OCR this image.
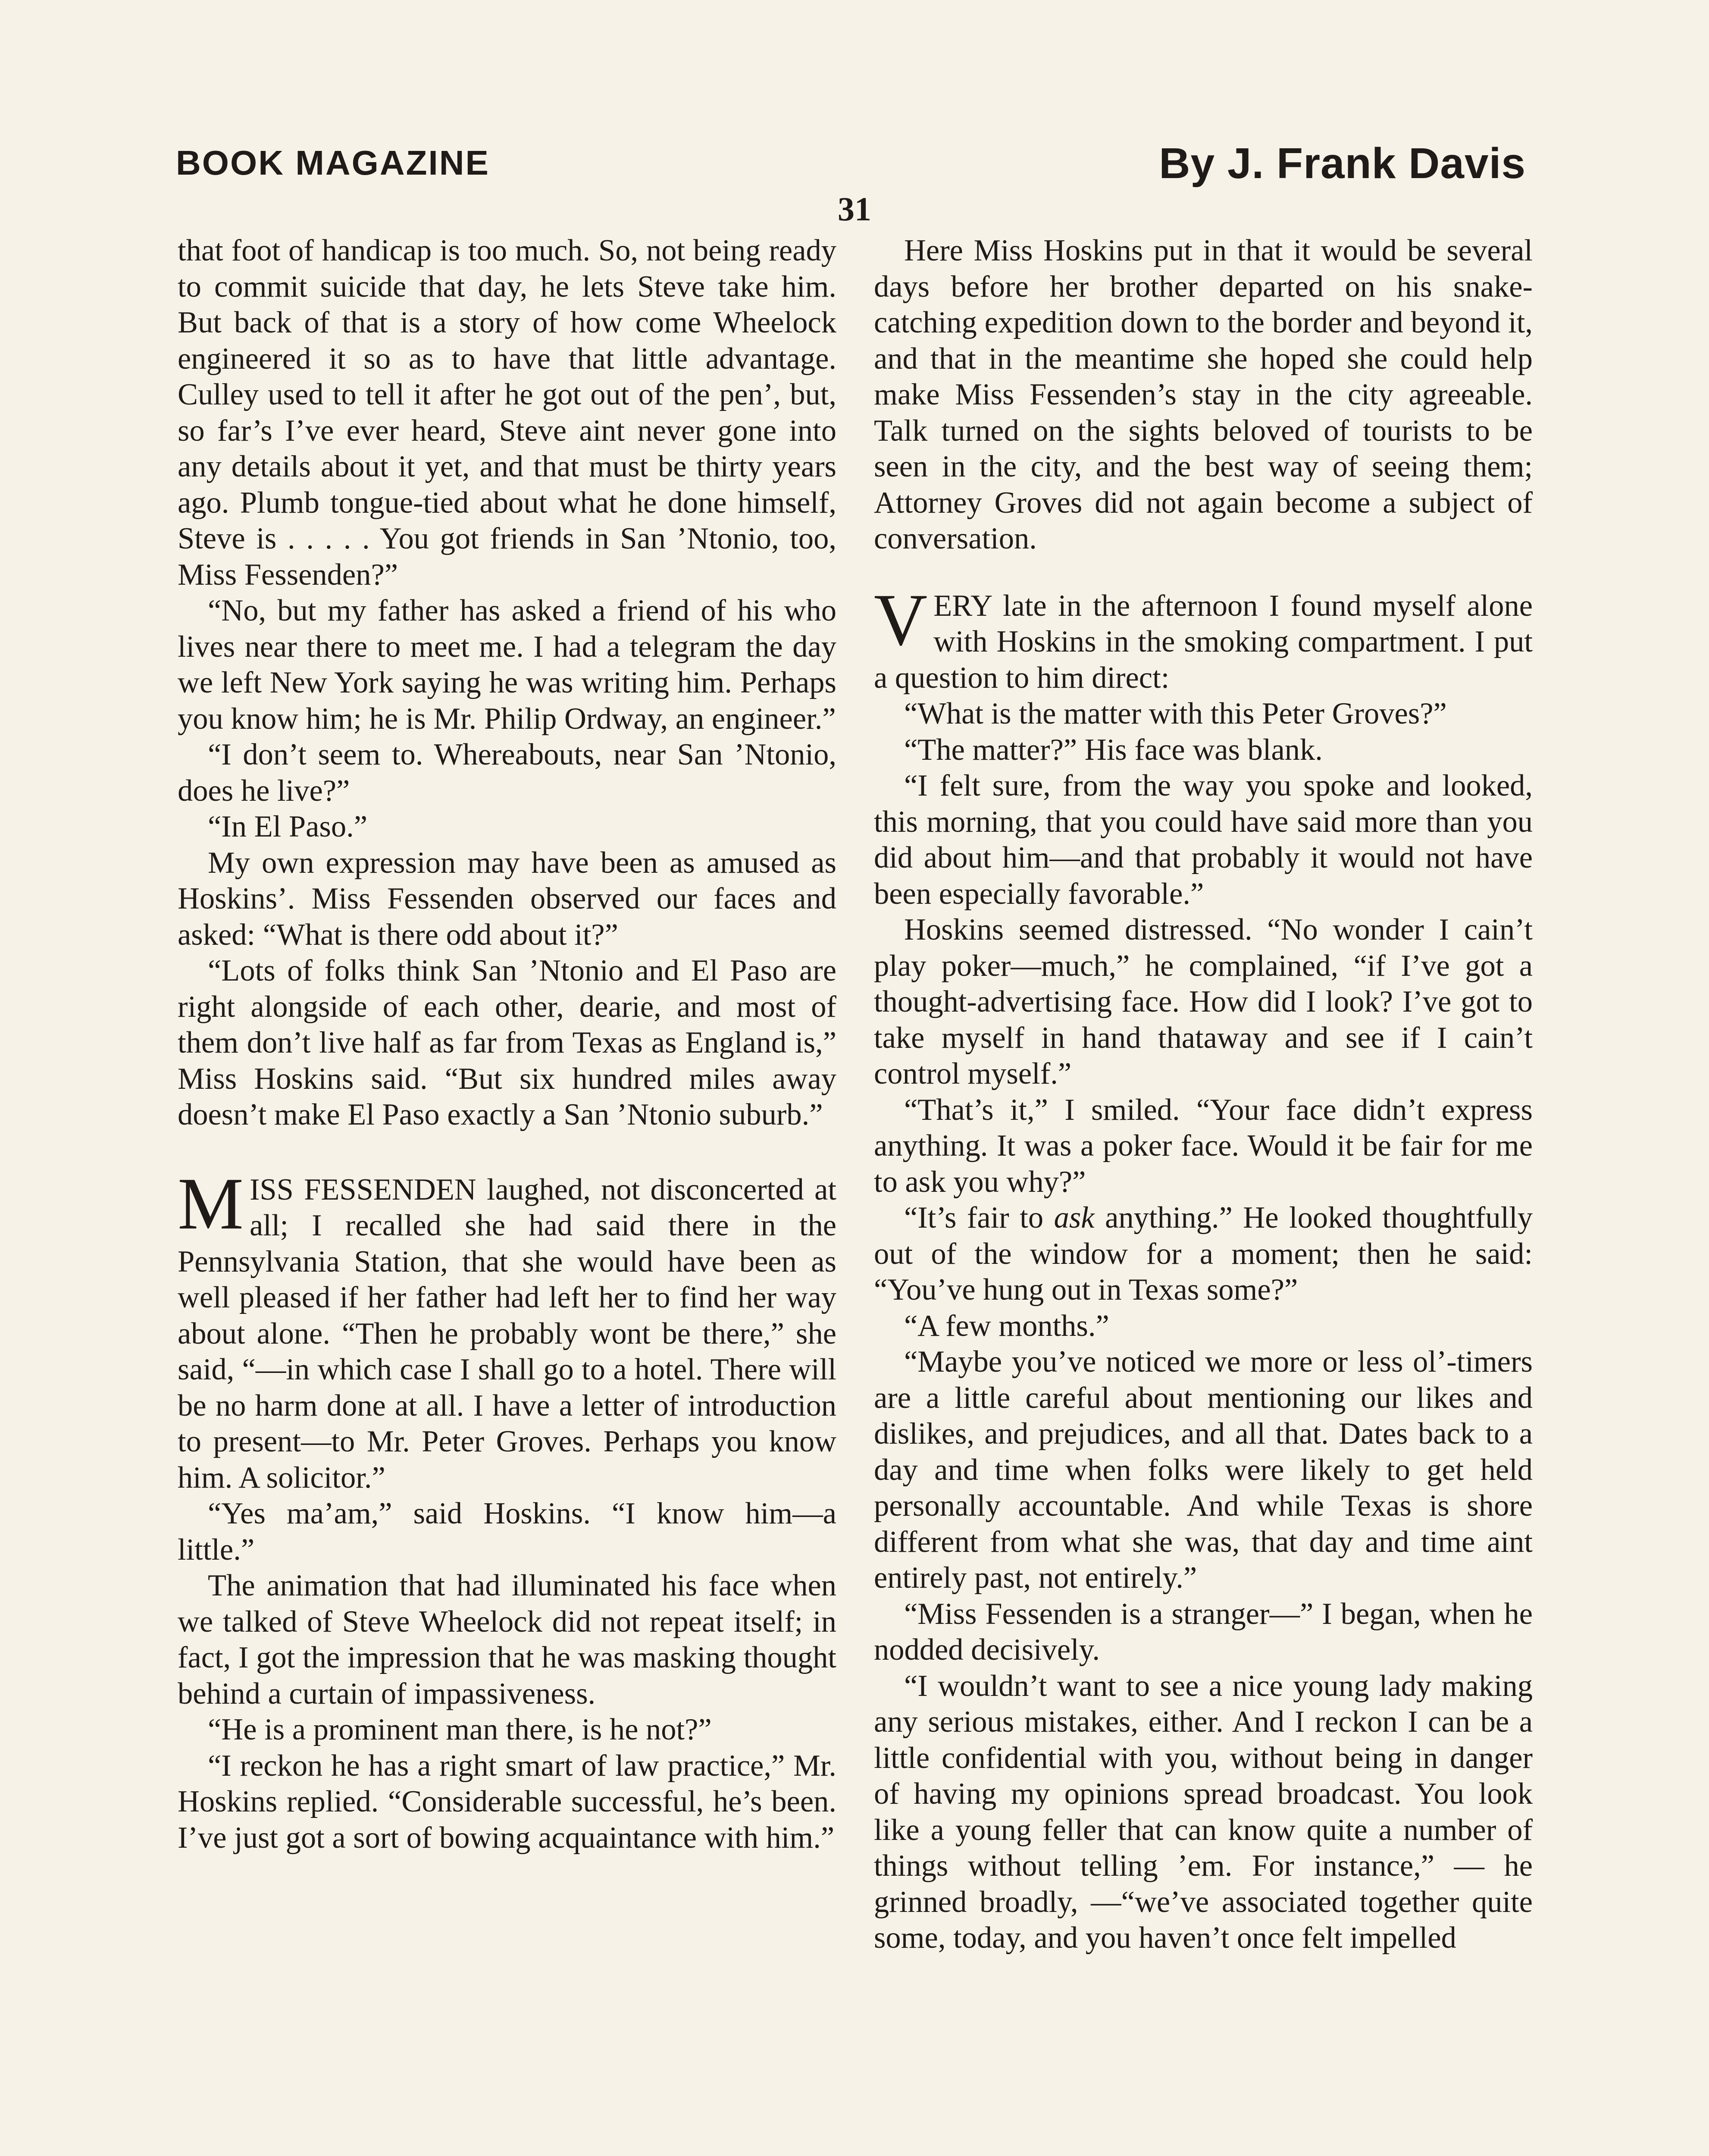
BOOK MAGAZINE	By J. Frank Davis
31

that foot of handicap is too much. So, not being ready to commit suicide that day, he lets Steve take him. But back of that is a story of how come Wheelock engineered it so as to have that little advantage. Culley used to tell it after he got out of the pen’, but, so far’s I’ve ever heard, Steve aint never gone into any details about it yet, and that must be thirty years ago. Plumb tongue-tied about what he done himself, Steve is . . . . . You got friends in San ’Ntonio, too, Miss Fessenden?”

“No, but my father has asked a friend of his who lives near there to meet me. I had a telegram the day we left New York saying he was writing him. Perhaps you know him; he is Mr. Philip Ordway, an engineer.”

“I don’t seem to. Whereabouts, near San ’Ntonio, does he live?”

“In El Paso.”

My own expression may have been as amused as Hoskins’. Miss Fessenden observed our faces and asked: “What is there odd about it?”

“Lots of folks think San ’Ntonio and El Paso are right alongside of each other, dearie, and most of them don’t live half as far from Texas as England is,” Miss Hoskins said. “But six hundred miles away doesn’t make El Paso exactly a San ’Ntonio suburb.”

MISS FESSENDEN laughed, not disconcerted at all; I recalled she had said there in the Pennsylvania Station, that she would have been as well pleased if her father had left her to find her way about alone. “Then he probably wont be there,” she said, “—in which case I shall go to a hotel. There will be no harm done at all. I have a letter of introduction to present—to Mr. Peter Groves. Perhaps you know him. A solicitor.”

“Yes ma’am,” said Hoskins. “I know him—a little.”

The animation that had illuminated his face when we talked of Steve Wheelock did not repeat itself; in fact, I got the impression that he was masking thought behind a curtain of impassiveness.

“He is a prominent man there, is he not?”

“I reckon he has a right smart of law practice,” Mr. Hoskins replied. “Considerable successful, he’s been. I’ve just got a sort of bowing acquaintance with him.”

Here Miss Hoskins put in that it would be several days before her brother departed on his snake-catching expedition down to the border and beyond it, and that in the meantime she hoped she could help make Miss Fessenden’s stay in the city agreeable. Talk turned on the sights beloved of tourists to be seen in the city, and the best way of seeing them; Attorney Groves did not again become a subject of conversation.

VERY late in the afternoon I found myself alone with Hoskins in the smoking compartment. I put a question to him direct:

“What is the matter with this Peter Groves?”

“The matter?” His face was blank.

“I felt sure, from the way you spoke and looked, this morning, that you could have said more than you did about him—and that probably it would not have been especially favorable.”

Hoskins seemed distressed. “No wonder I cain’t play poker—much,” he complained, “if I’ve got a thought-advertising face. How did I look? I’ve got to take myself in hand thataway and see if I cain’t control myself.”

“That’s it,” I smiled. “Your face didn’t express anything. It was a poker face. Would it be fair for me to ask you why?”

“It’s fair to ask anything.” He looked thoughtfully out of the window for a moment; then he said: “You’ve hung out in Texas some?”

“A few months.”

“Maybe you’ve noticed we more or less ol’-timers are a little careful about mentioning our likes and dislikes, and prejudices, and all that. Dates back to a day and time when folks were likely to get held personally accountable. And while Texas is shore different from what she was, that day and time aint entirely past, not entirely.”

“Miss Fessenden is a stranger—” I began, when he nodded decisively.

“I wouldn’t want to see a nice young lady making any serious mistakes, either. And I reckon I can be a little confidential with you, without being in danger of having my opinions spread broadcast. You look like a young feller that can know quite a number of things without telling ’em. For instance,” — he grinned broadly, —“we’ve associated together quite some, today, and you haven’t once felt impelled
